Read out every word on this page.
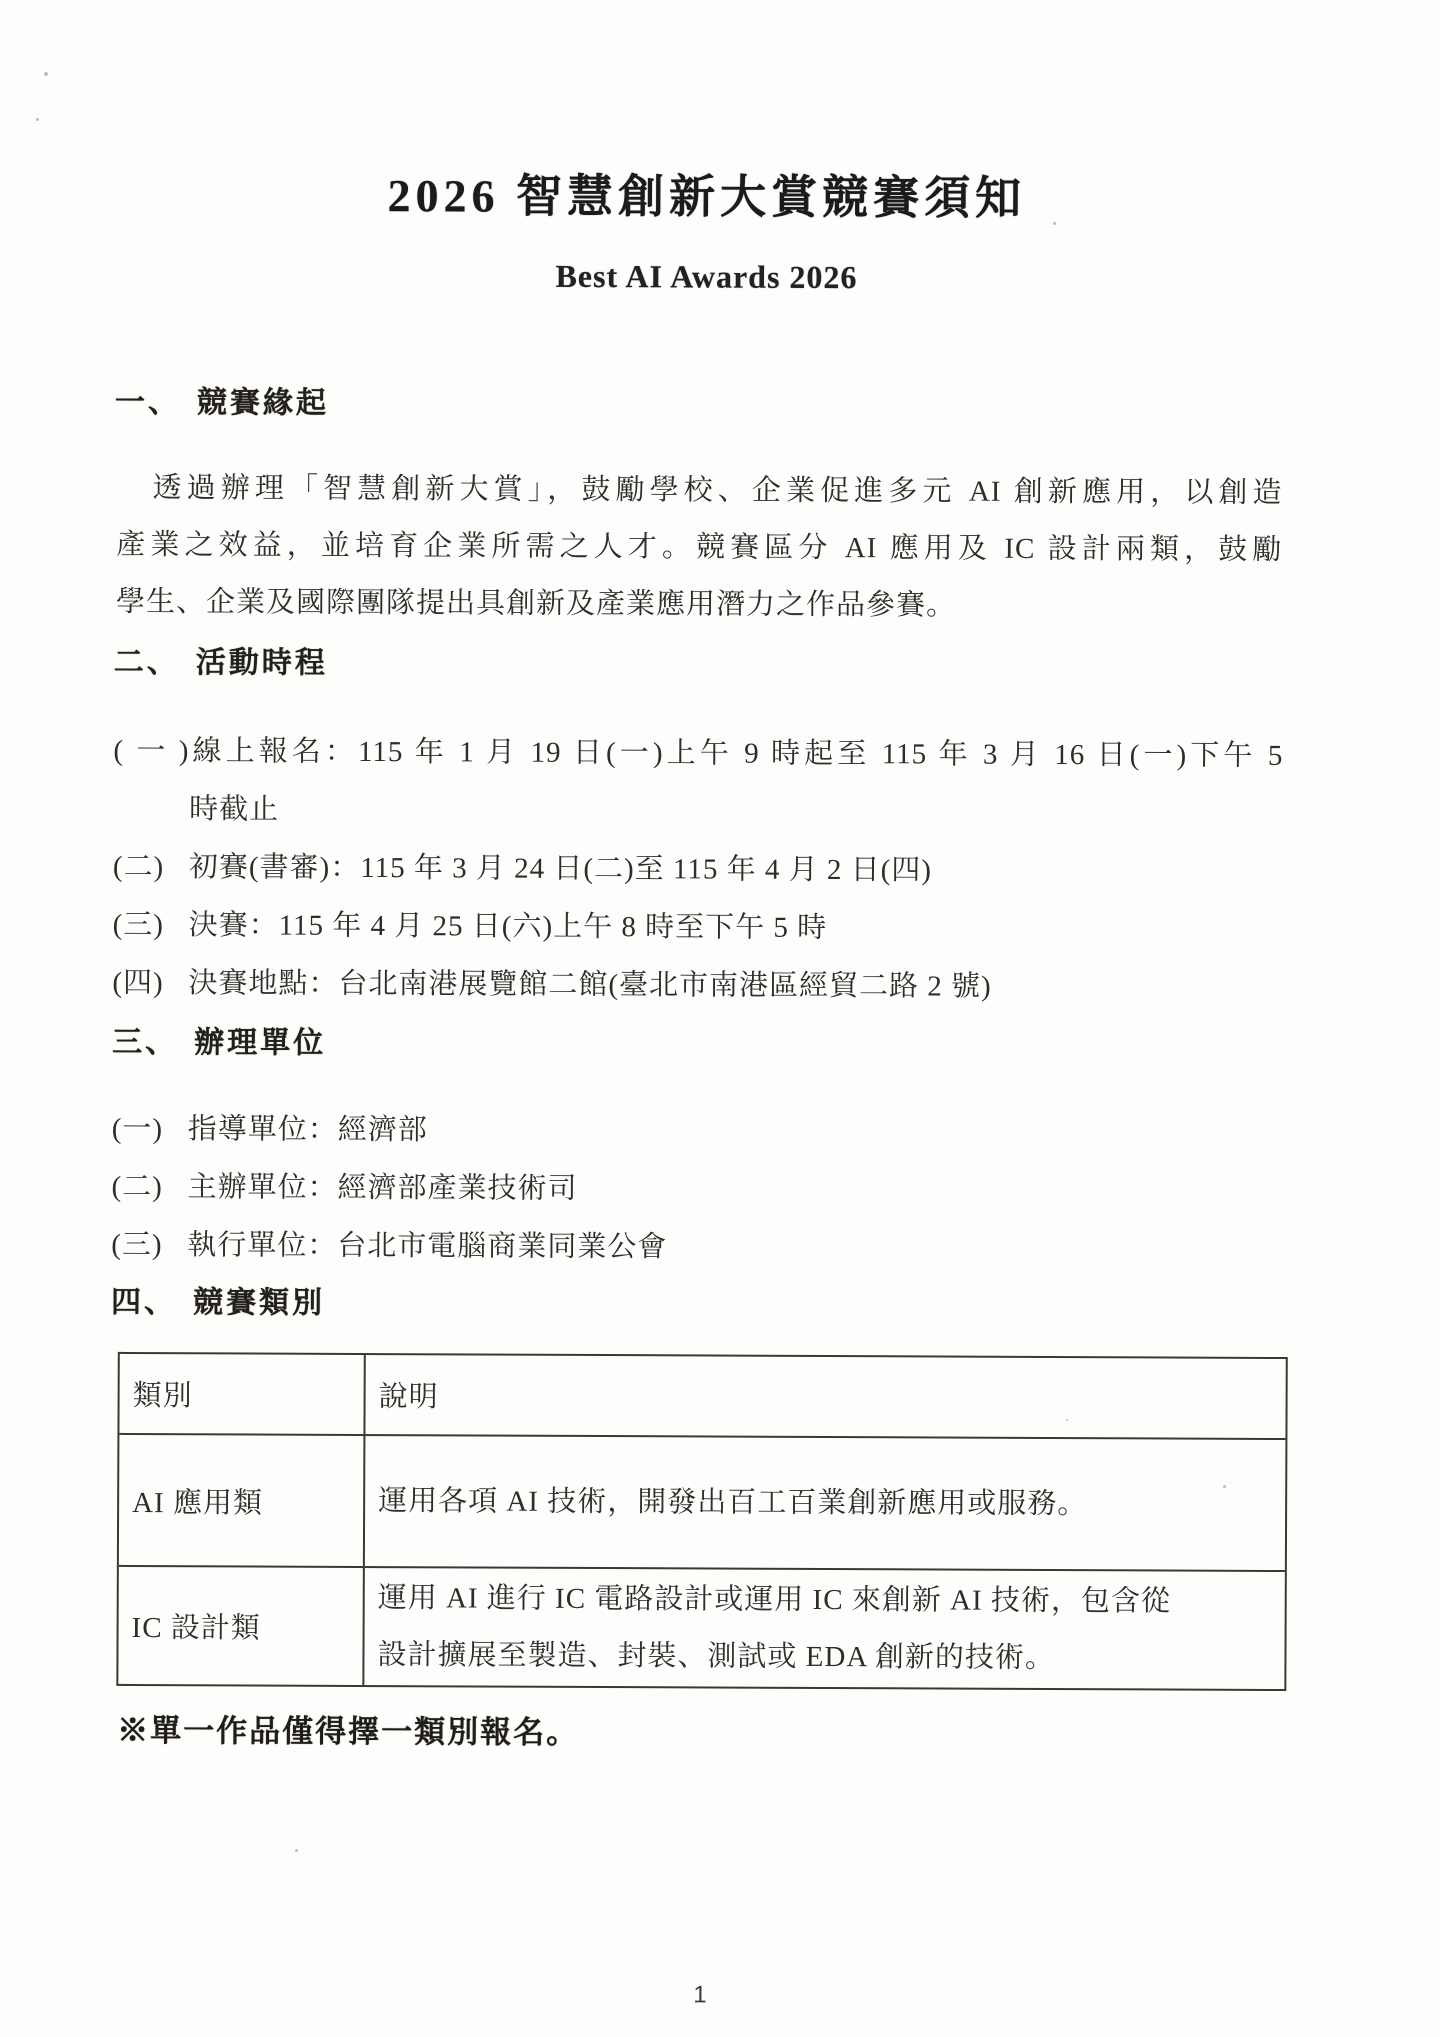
2026 智慧創新大賞競賽須知
Best AI Awards 2026
一、 競賽緣起
透過辦理「智慧創新大賞」，鼓勵學校、企業促進多元 AI 創新應用，以創造
產業之效益，並培育企業所需之人才。競賽區分 AI 應用及 IC 設計兩類，鼓勵
學生、企業及國際團隊提出具創新及產業應用潛力之作品參賽。
二、 活動時程
(一)線上報名：115 年 1 月 19 日(一)上午 9 時起至 115 年 3 月 16 日(一)下午 5
時截止
(二) 初賽(書審)：115 年 3 月 24 日(二)至 115 年 4 月 2 日(四)
(三) 決賽：115 年 4 月 25 日(六)上午 8 時至下午 5 時
(四) 決賽地點：台北南港展覽館二館(臺北市南港區經貿二路 2 號)
三、 辦理單位
(一) 指導單位：經濟部
(二) 主辦單位：經濟部產業技術司
(三) 執行單位：台北市電腦商業同業公會
四、 競賽類別
類別	說明
AI 應用類	運用各項 AI 技術，開發出百工百業創新應用或服務。
IC 設計類
運用 AI 進行 IC 電路設計或運用 IC 來創新 AI 技術，包含從
設計擴展至製造、封裝、測試或 EDA 創新的技術。
※單一作品僅得擇一類別報名。
1
